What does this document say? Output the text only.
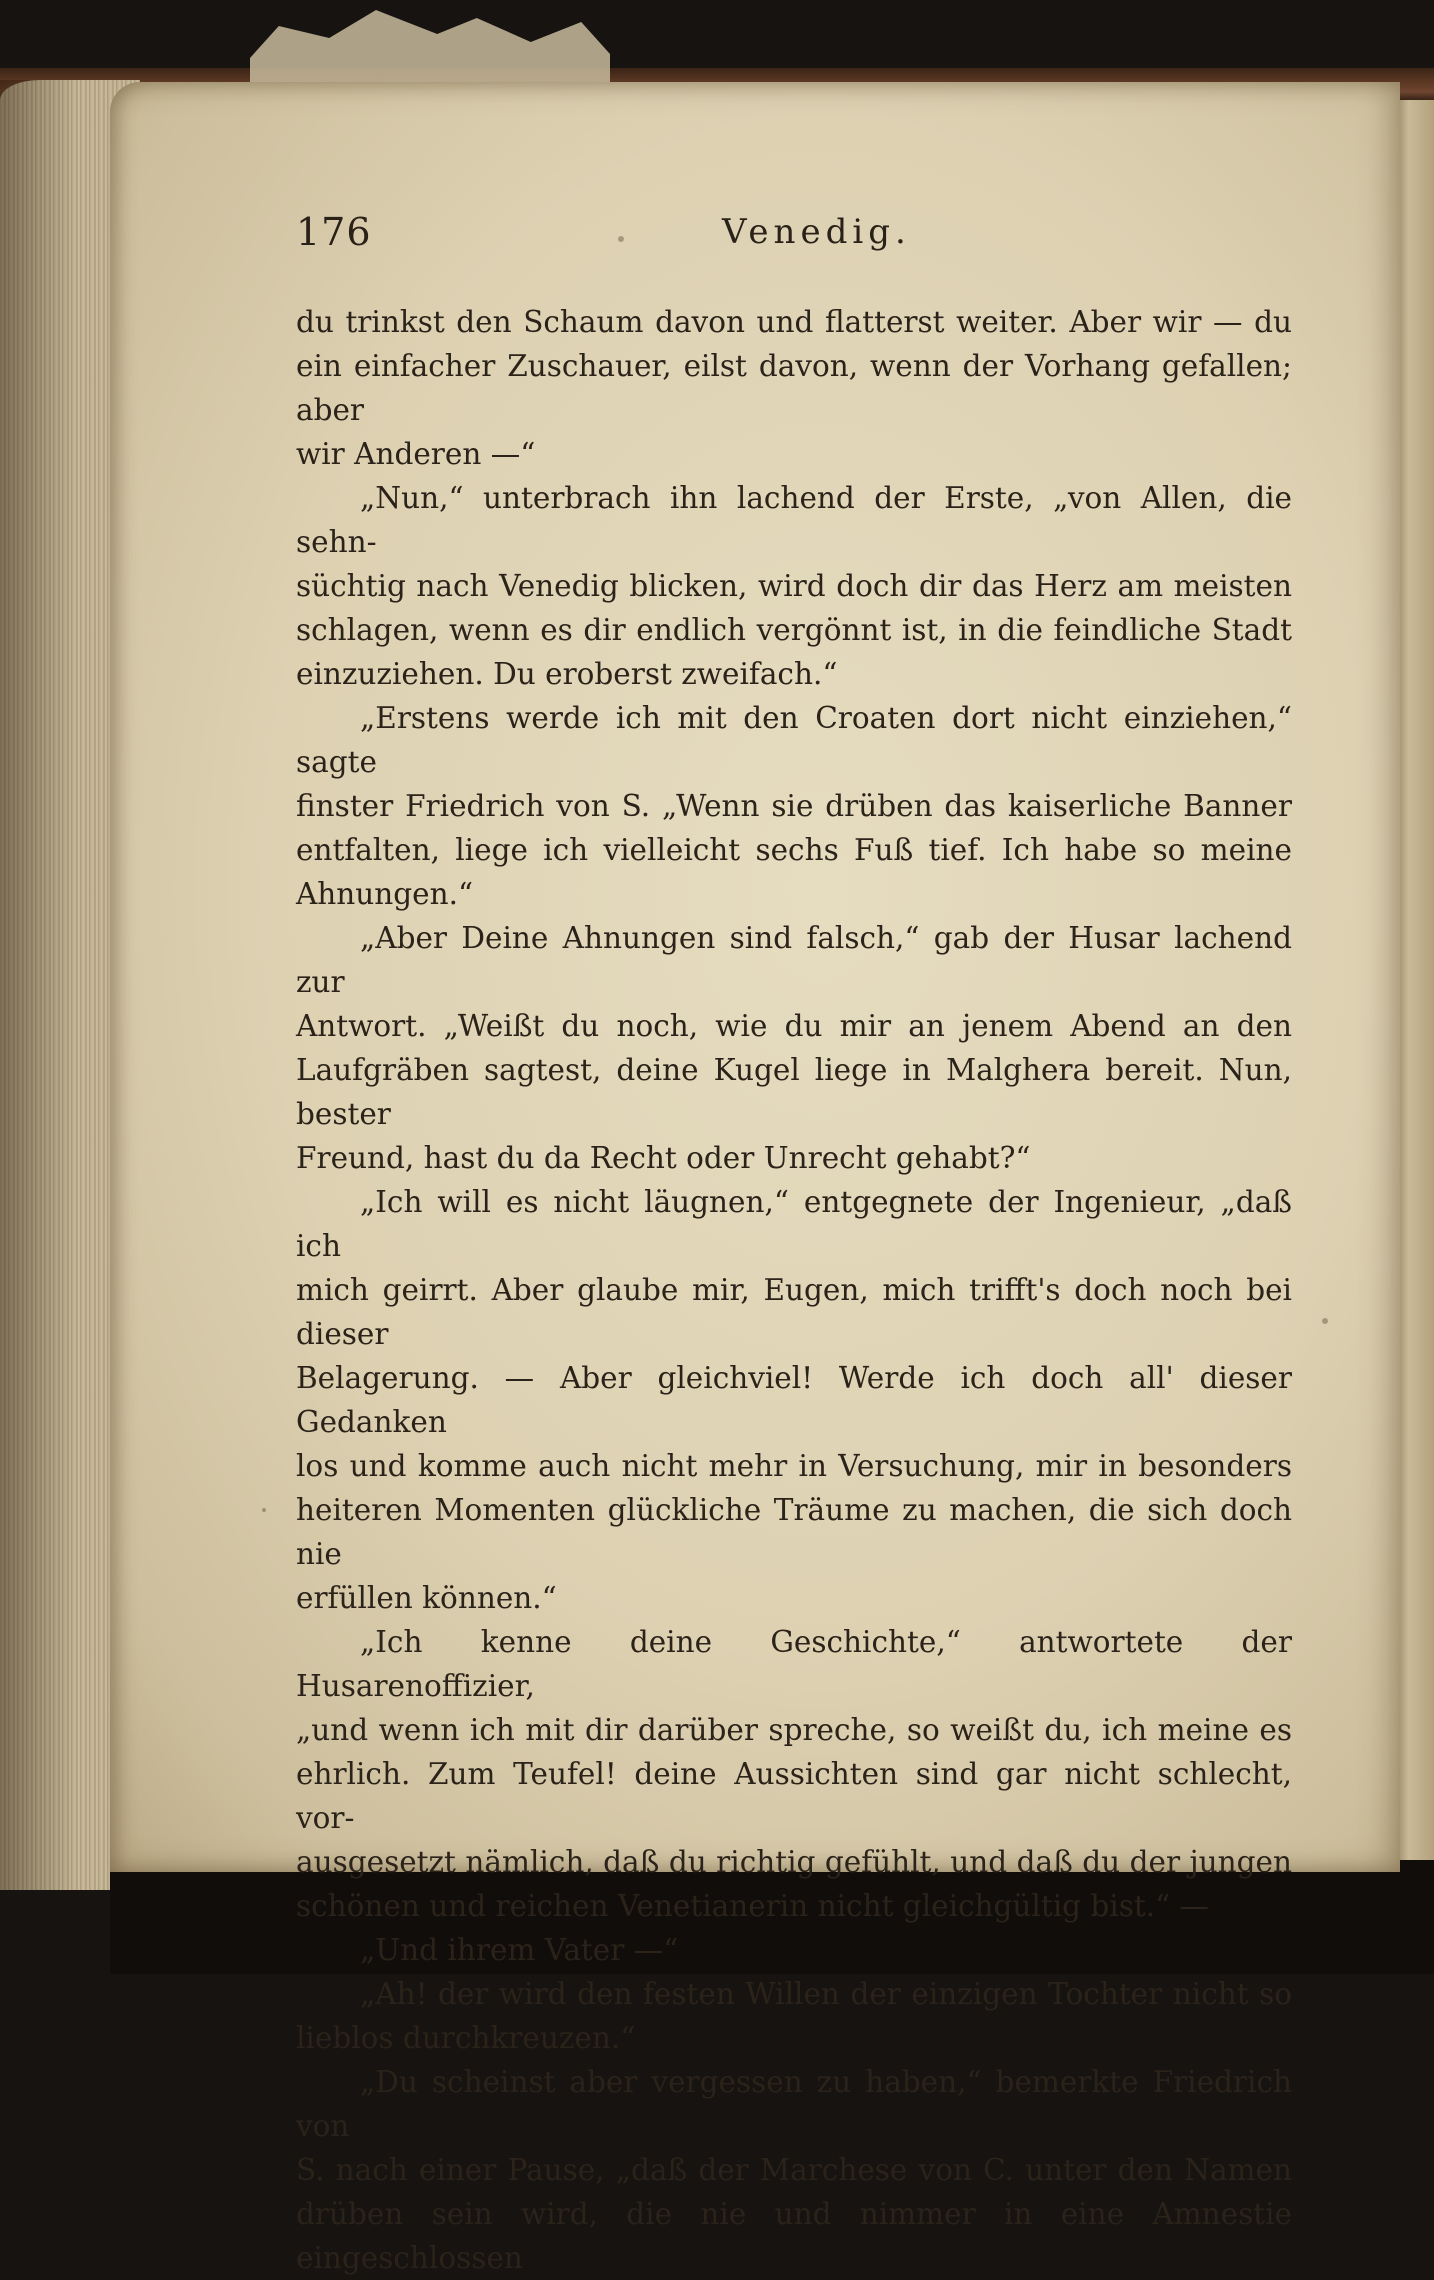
176	Venedig.

du trinkst den Schaum davon und flatterst weiter. Aber wir — du

ein einfacher Zuschauer, eilst davon, wenn der Vorhang gefallen; aber

wir Anderen —“

„Nun,“ unterbrach ihn lachend der Erste, „von Allen, die sehn-

süchtig nach Venedig blicken, wird doch dir das Herz am meisten

schlagen, wenn es dir endlich vergönnt ist, in die feindliche Stadt

einzuziehen. Du eroberst zweifach.“

„Erstens werde ich mit den Croaten dort nicht einziehen,“ sagte

finster Friedrich von S. „Wenn sie drüben das kaiserliche Banner

entfalten, liege ich vielleicht sechs Fuß tief. Ich habe so meine

Ahnungen.“

„Aber Deine Ahnungen sind falsch,“ gab der Husar lachend zur

Antwort. „Weißt du noch, wie du mir an jenem Abend an den

Laufgräben sagtest, deine Kugel liege in Malghera bereit. Nun, bester

Freund, hast du da Recht oder Unrecht gehabt?“

„Ich will es nicht läugnen,“ entgegnete der Ingenieur, „daß ich

mich geirrt. Aber glaube mir, Eugen, mich trifft's doch noch bei dieser

Belagerung. — Aber gleichviel! Werde ich doch all' dieser Gedanken

los und komme auch nicht mehr in Versuchung, mir in besonders

heiteren Momenten glückliche Träume zu machen, die sich doch nie

erfüllen können.“

„Ich kenne deine Geschichte,“ antwortete der Husarenoffizier,

„und wenn ich mit dir darüber spreche, so weißt du, ich meine es

ehrlich. Zum Teufel! deine Aussichten sind gar nicht schlecht, vor-

ausgesetzt nämlich, daß du richtig gefühlt, und daß du der jungen

schönen und reichen Venetianerin nicht gleichgültig bist.“ —

„Und ihrem Vater —“

„Ah! der wird den festen Willen der einzigen Tochter nicht so

lieblos durchkreuzen.“

„Du scheinst aber vergessen zu haben,“ bemerkte Friedrich von

S. nach einer Pause, „daß der Marchese von C. unter den Namen

drüben sein wird, die nie und nimmer in eine Amnestie eingeschlossen
